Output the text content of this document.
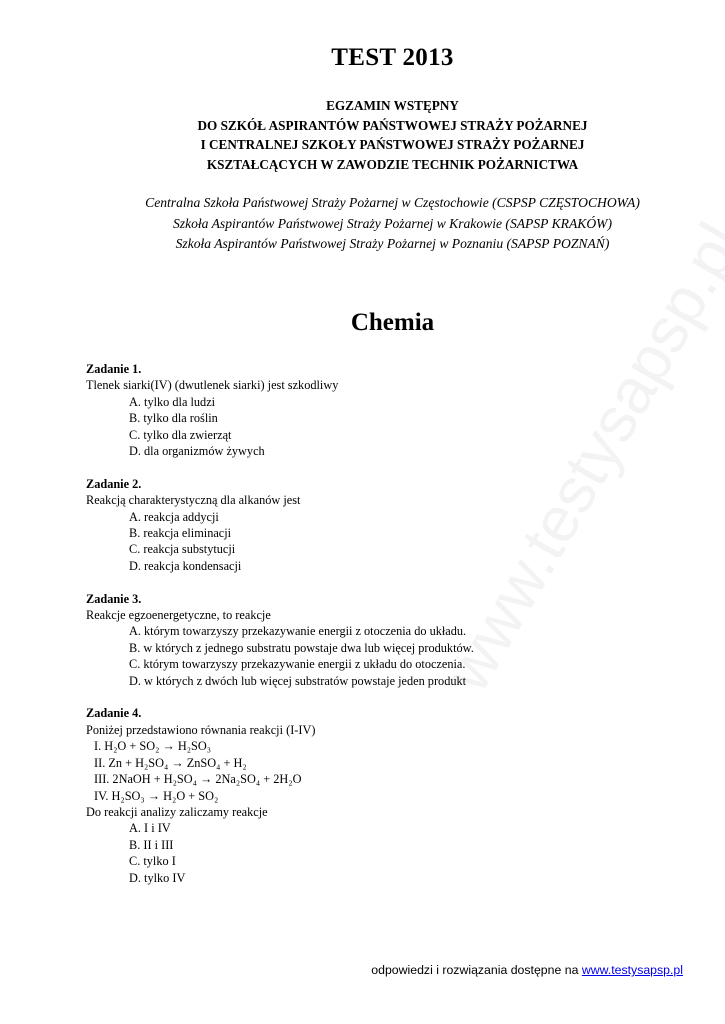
TEST 2013
EGZAMIN WSTĘPNY
DO SZKÓŁ ASPIRANTÓW PAŃSTWOWEJ STRAŻY POŻARNEJ
I CENTRALNEJ SZKOŁY PAŃSTWOWEJ STRAŻY POŻARNEJ
KSZTAŁCĄCYCH W ZAWODZIE TECHNIK POŻARNICTWA
Centralna Szkoła Państwowej Straży Pożarnej w Częstochowie (CSPSP CZĘSTOCHOWA)
Szkoła Aspirantów Państwowej Straży Pożarnej w Krakowie (SAPSP KRAKÓW)
Szkoła Aspirantów Państwowej Straży Pożarnej w Poznaniu (SAPSP POZNAŃ)
Chemia
Zadanie 1.
Tlenek siarki(IV) (dwutlenek siarki) jest szkodliwy
A. tylko dla ludzi
B. tylko dla roślin
C. tylko dla zwierząt
D. dla organizmów żywych
Zadanie 2.
Reakcją charakterystyczną dla alkanów jest
A. reakcja addycji
B. reakcja eliminacji
C. reakcja substytucji
D. reakcja kondensacji
Zadanie 3.
Reakcje egzoenergetyczne, to reakcje
A. którym towarzyszy przekazywanie energii z otoczenia do układu.
B. w których z jednego substratu powstaje dwa lub więcej produktów.
C. którym towarzyszy przekazywanie energii z układu do otoczenia.
D. w których z dwóch lub więcej substratów powstaje jeden produkt
Zadanie 4.
Poniżej przedstawiono równania reakcji (I-IV)
I. H₂O + SO₂ → H₂SO₃
II. Zn + H₂SO₄ → ZnSO₄ + H₂
III. 2NaOH + H₂SO₄ → 2Na₂SO₄ + 2H₂O
IV. H₂SO₃ → H₂O + SO₂
Do reakcji analizy zaliczamy reakcje
A. I i IV
B. II i III
C. tylko I
D. tylko IV
odpowiedzi i rozwiązania dostępne na www.testysapsp.pl
